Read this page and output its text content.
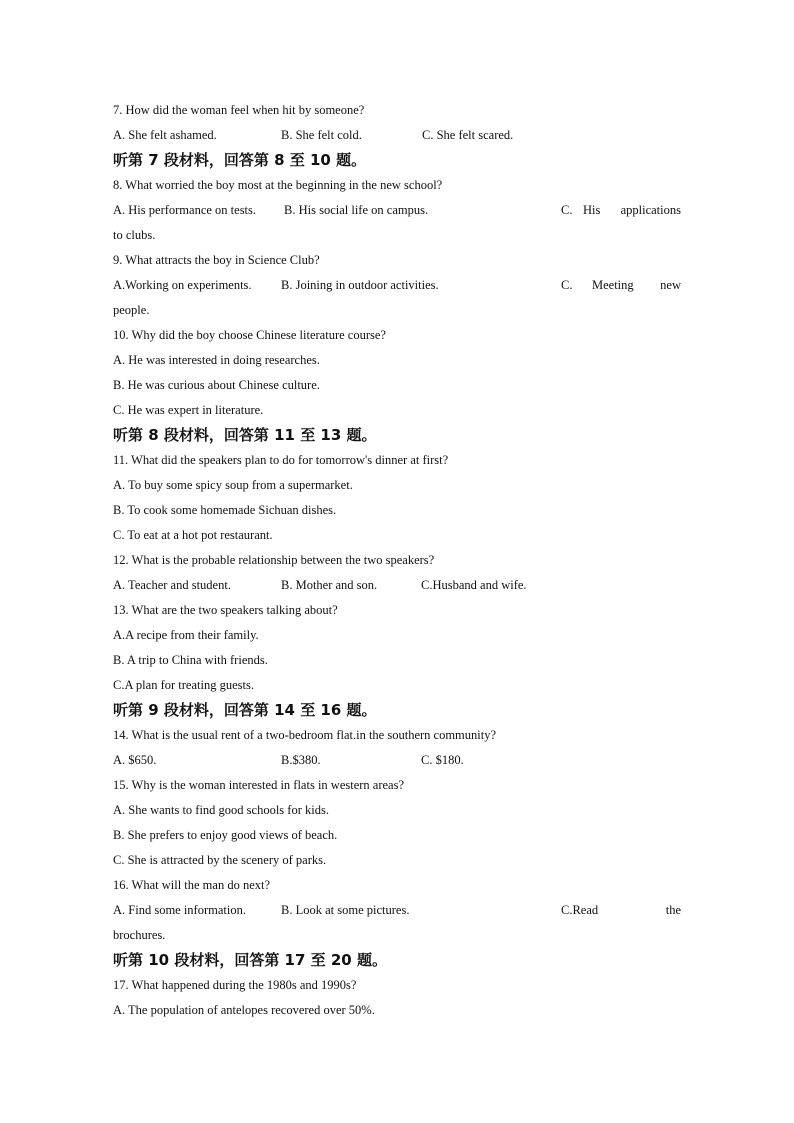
7. How did the woman feel when hit by someone?
A. She felt ashamed.	B. She felt cold.	C. She felt scared.
听第 7 段材料，回答第 8 至 10 题。
8. What worried the boy most at the beginning in the new school?
A. His performance on tests. B. His social life on campus.	C. His applications
to clubs.
9. What attracts the boy in Science Club?
A.Working on experiments. B. Joining in outdoor activities.	C. Meeting new
people.
10. Why did the boy choose Chinese literature course?
A. He was interested in doing researches.
B. He was curious about Chinese culture.
C. He was expert in literature.
听第 8 段材料，回答第 11 至 13 题。
11. What did the speakers plan to do for tomorrow's dinner at first?
A. To buy some spicy soup from a supermarket.
B. To cook some homemade Sichuan dishes.
C. To eat at a hot pot restaurant.
12. What is the probable relationship between the two speakers?
A. Teacher and student.	B. Mother and son.	C.Husband and wife.
13. What are the two speakers talking about?
A.A recipe from their family.
B. A trip to China with friends.
C.A plan for treating guests.
听第 9 段材料，回答第 14 至 16 题。
14. What is the usual rent of a two-bedroom flat.in the southern community?
A. $650.	B.$380.	C. $180.
15. Why is the woman interested in flats in western areas?
A. She wants to find good schools for kids.
B. She prefers to enjoy good views of beach.
C. She is attracted by the scenery of parks.
16. What will the man do next?
A. Find some information.	B. Look at some pictures.	C.Read	the
brochures.
听第 10 段材料，回答第 17 至 20 题。
17. What happened during the 1980s and 1990s?
A. The population of antelopes recovered over 50%.
